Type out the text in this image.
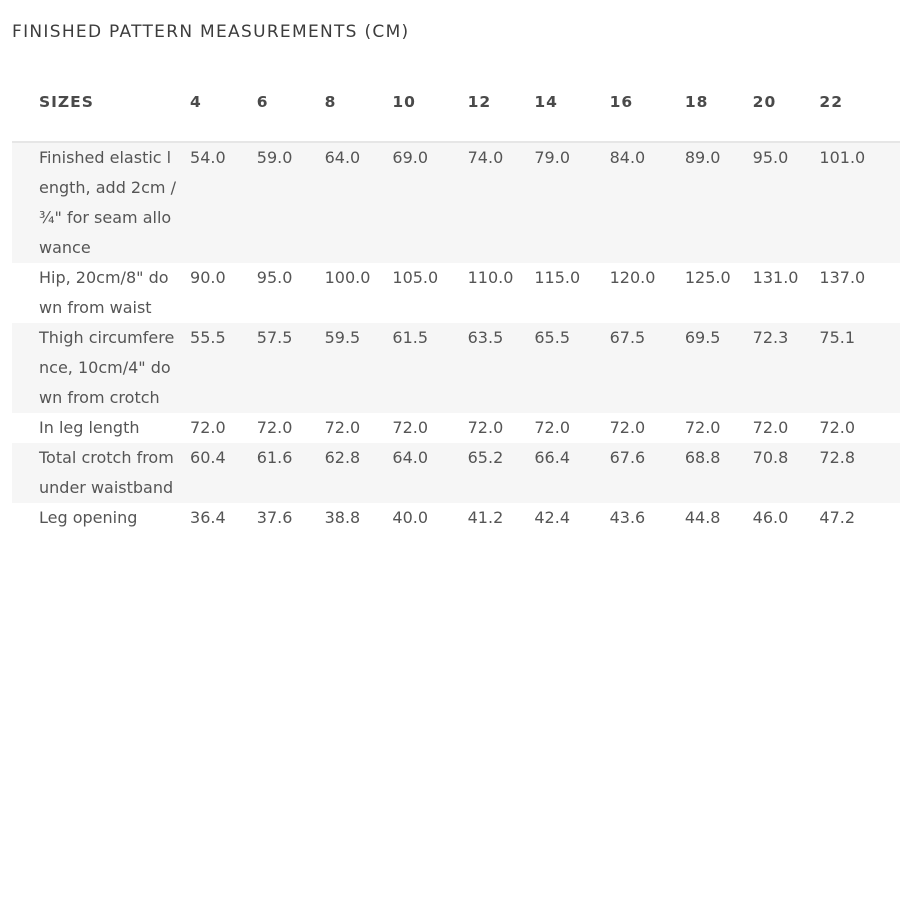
FINISHED PATTERN MEASUREMENTS (CM)
SIZES	4	6	8	10	12	14	16	18	20	22
Finished elastic length, add 2cm / ¾" for seam allowance	54.0	59.0	64.0	69.0	74.0	79.0	84.0	89.0	95.0	101.0
Hip, 20cm/8" down from waist	90.0	95.0	100.0	105.0	110.0	115.0	120.0	125.0	131.0	137.0
Thigh circumference, 10cm/4" down from crotch	55.5	57.5	59.5	61.5	63.5	65.5	67.5	69.5	72.3	75.1
In leg length	72.0	72.0	72.0	72.0	72.0	72.0	72.0	72.0	72.0	72.0
Total crotch from under waistband	60.4	61.6	62.8	64.0	65.2	66.4	67.6	68.8	70.8	72.8
Leg opening	36.4	37.6	38.8	40.0	41.2	42.4	43.6	44.8	46.0	47.2
